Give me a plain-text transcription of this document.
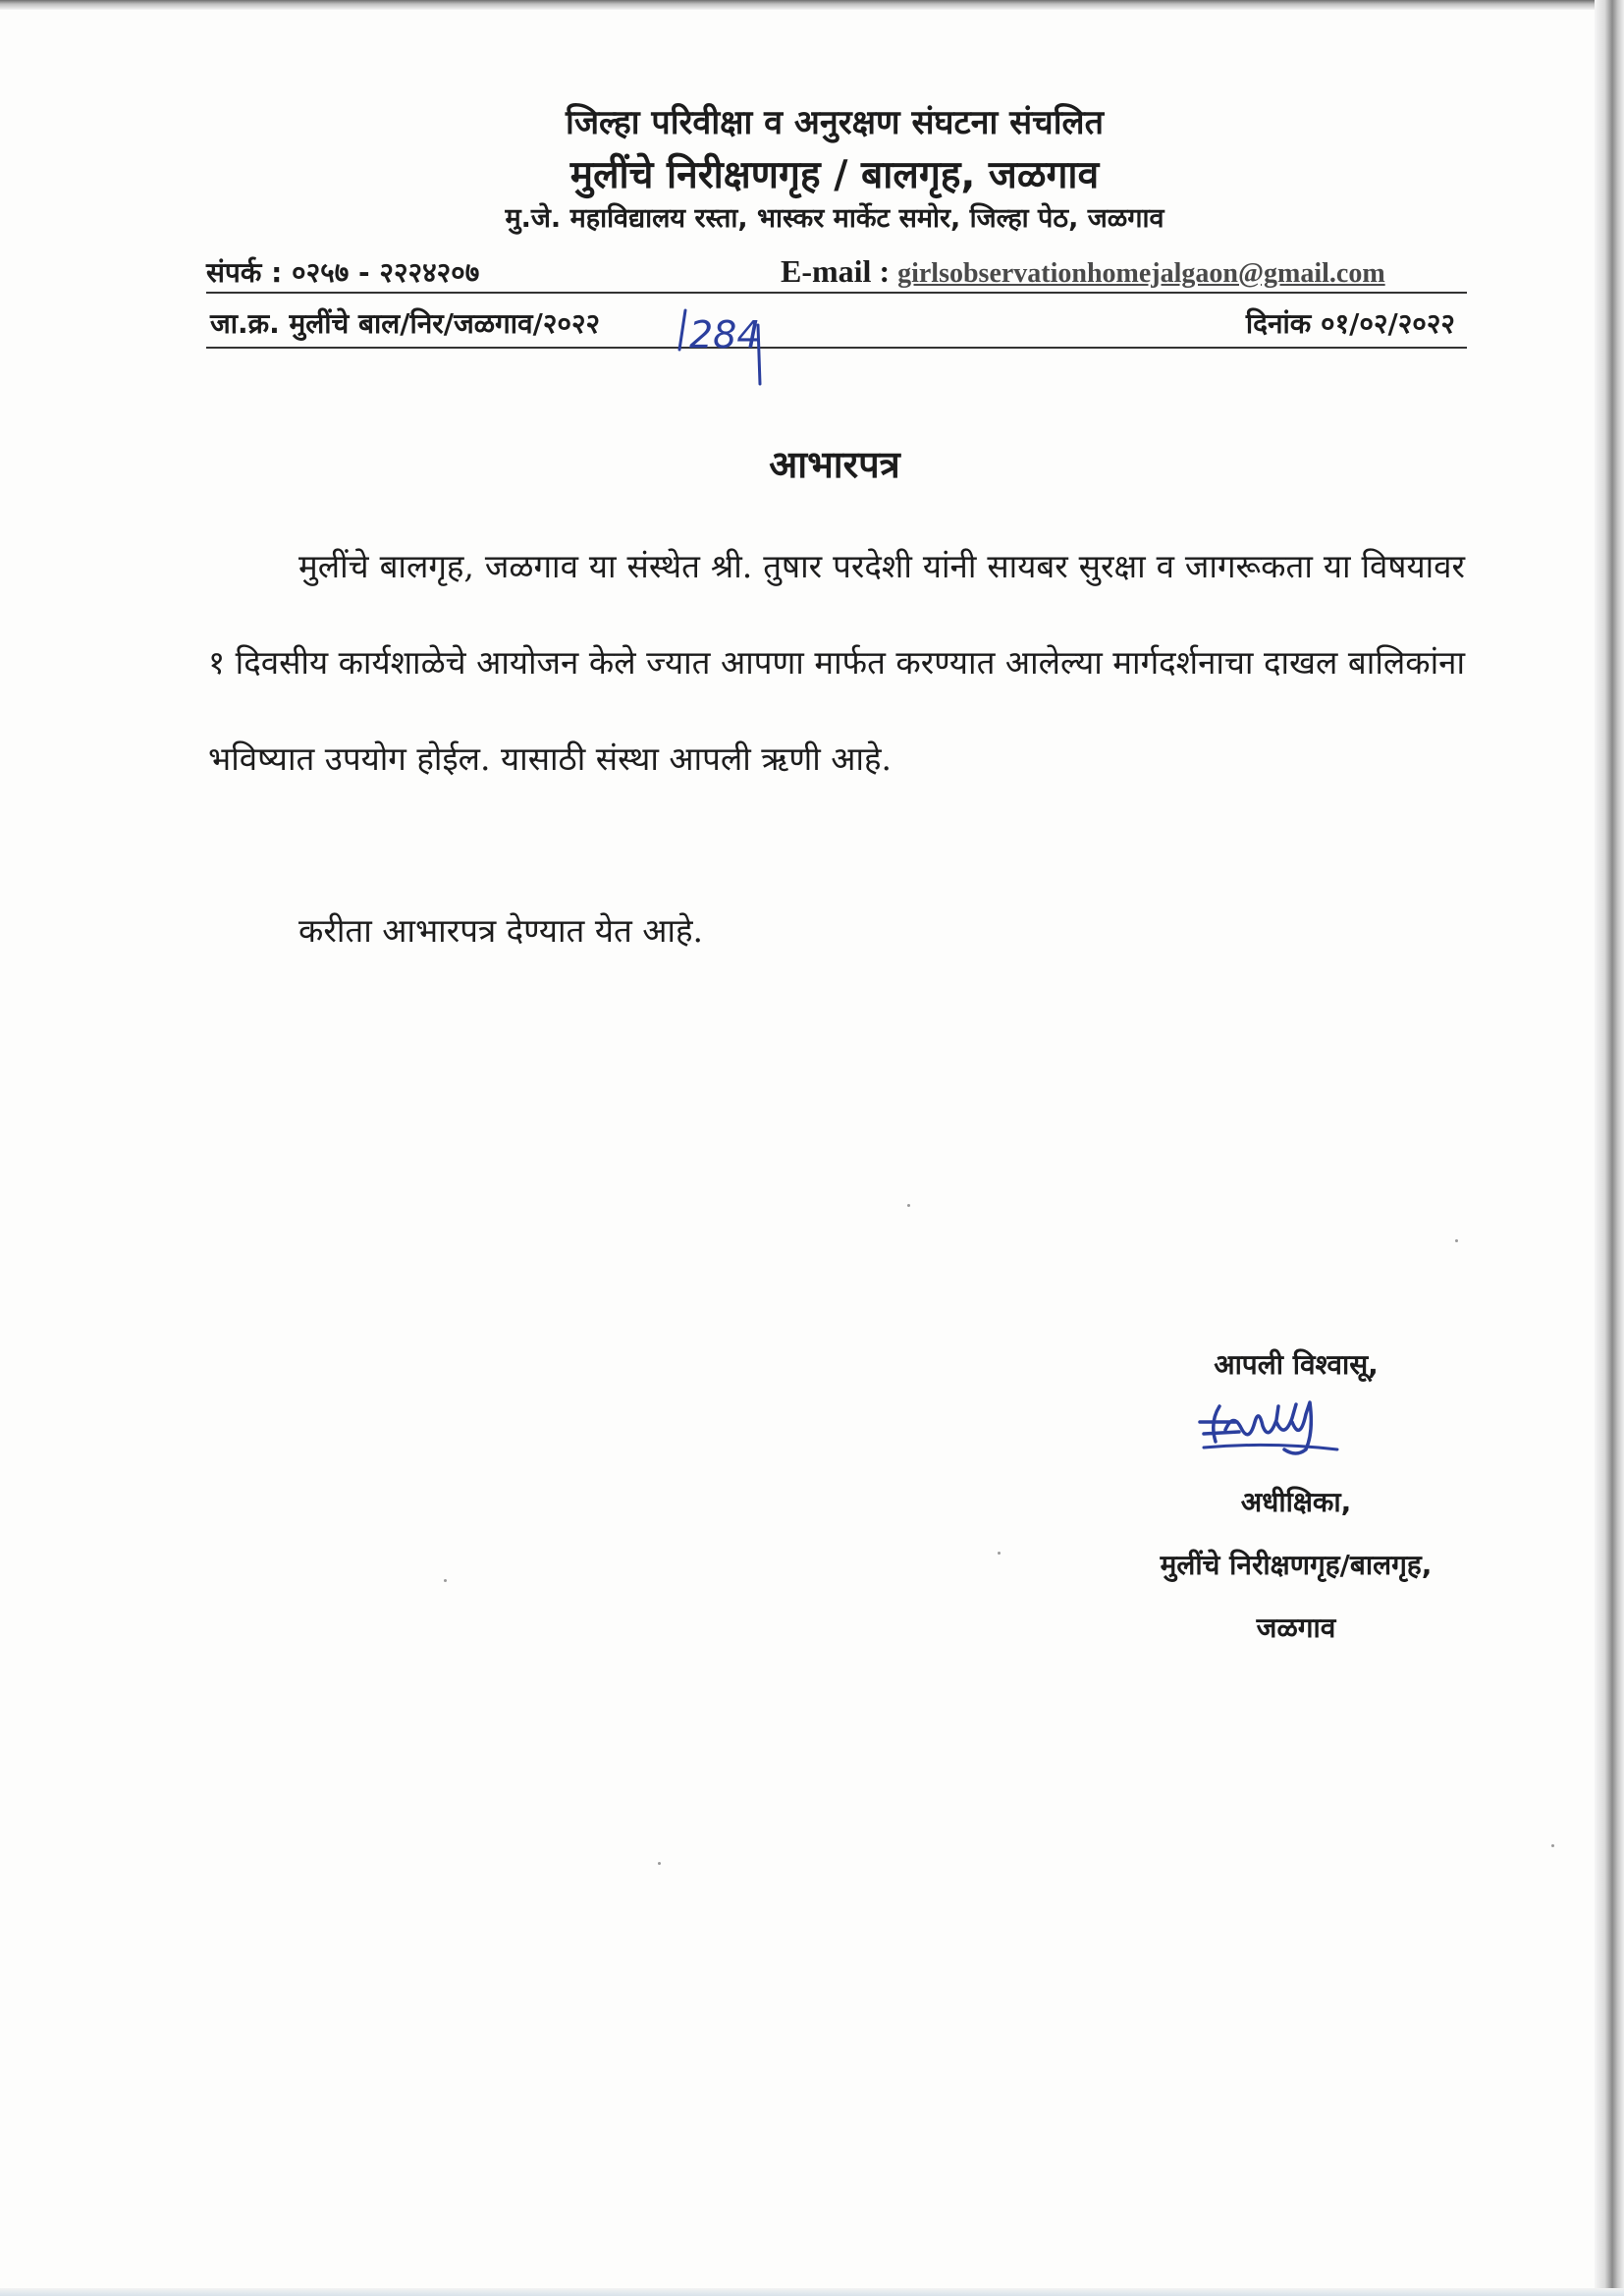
जिल्हा परिवीक्षा व अनुरक्षण संघटना संचलित
मुलींचे निरीक्षणगृह / बालगृह, जळगाव
मु.जे. महाविद्यालय रस्ता, भास्कर मार्केट समोर, जिल्हा पेठ, जळगाव
संपर्क : ०२५७ - २२२४२०७	E-mail : girlsobservationhomejalgaon@gmail.com
जा.क्र. मुलींचे बाल/निर/जळगाव/२०२२	दिनांक ०१/०२/२०२२
284
आभारपत्र
मुलींचे बालगृह, जळगाव या संस्थेत श्री. तुषार परदेशी यांनी सायबर सुरक्षा व जागरूकता या विषयावर १ दिवसीय कार्यशाळेचे आयोजन केले ज्यात आपणा मार्फत करण्यात आलेल्या मार्गदर्शनाचा दाखल बालिकांना भविष्यात उपयोग होईल. यासाठी संस्था आपली ऋणी आहे.
करीता आभारपत्र देण्यात येत आहे.
आपली विश्वासू,
अधीक्षिका,
मुलींचे निरीक्षणगृह/बालगृह,
जळगाव
